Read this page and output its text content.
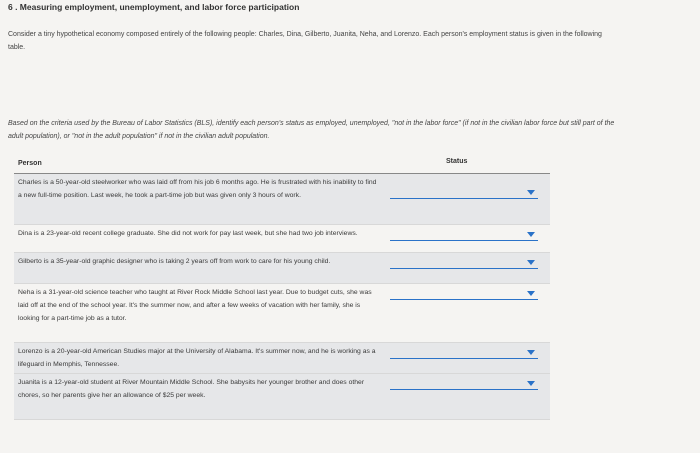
6 . Measuring employment, unemployment, and labor force participation
Consider a tiny hypothetical economy composed entirely of the following people: Charles, Dina, Gilberto, Juanita, Neha, and Lorenzo. Each person's employment status is given in the following table.
Based on the criteria used by the Bureau of Labor Statistics (BLS), identify each person's status as employed, unemployed, "not in the labor force" (if not in the civilian labor force but still part of the adult population), or "not in the adult population" if not in the civilian adult population.
Person	Status
Charles is a 50-year-old steelworker who was laid off from his job 6 months ago. He is frustrated with his inability to find a new full-time position. Last week, he took a part-time job but was given only 3 hours of work.
Dina is a 23-year-old recent college graduate. She did not work for pay last week, but she had two job interviews.
Gilberto is a 35-year-old graphic designer who is taking 2 years off from work to care for his young child.
Neha is a 31-year-old science teacher who taught at River Rock Middle School last year. Due to budget cuts, she was laid off at the end of the school year. It's the summer now, and after a few weeks of vacation with her family, she is looking for a part-time job as a tutor.
Lorenzo is a 20-year-old American Studies major at the University of Alabama. It's summer now, and he is working as a lifeguard in Memphis, Tennessee.
Juanita is a 12-year-old student at River Mountain Middle School. She babysits her younger brother and does other chores, so her parents give her an allowance of $25 per week.
